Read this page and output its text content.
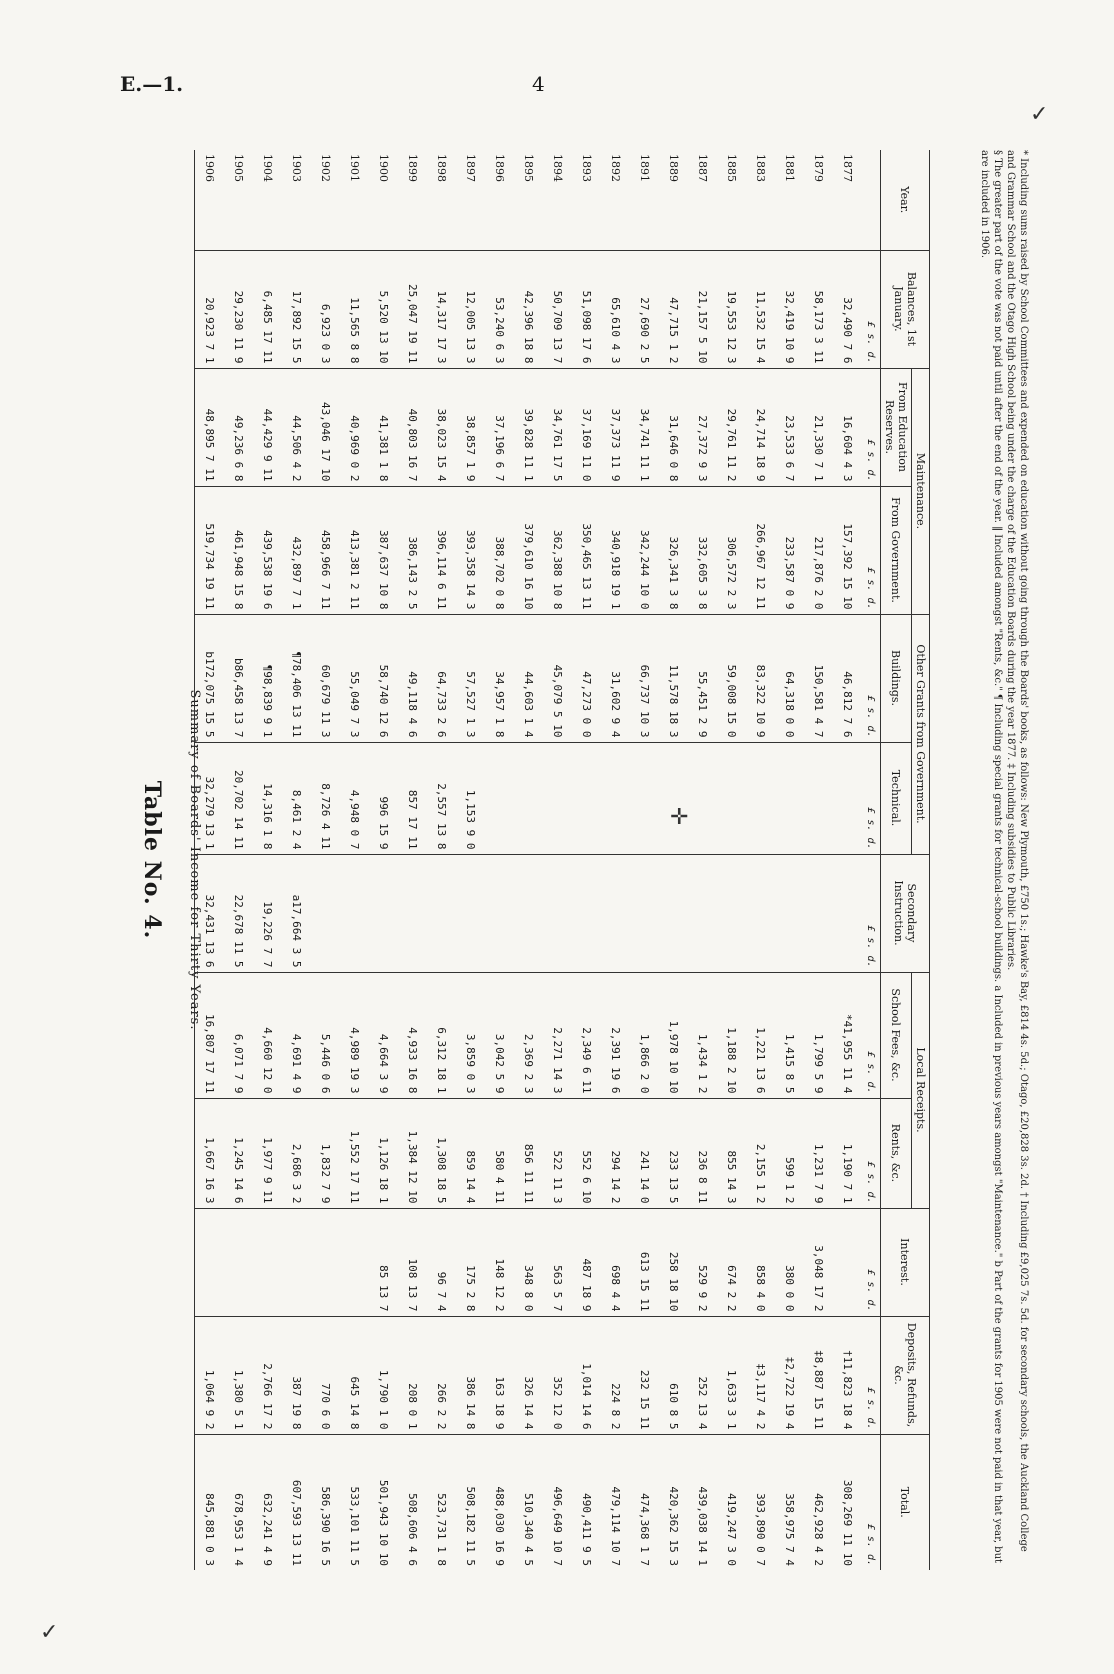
E.—1.	4
Table No. 4. Summary of Boards' Income for Thirty Years.
Year.	Balances, 1st January.	Maintenance.		Other Grants from Government.		Secondary Instruction.	Local Receipts.		Interest.	Deposits, Refunds, &c.	Total.
		From Education Reserves.	From Government.	Buildings.	Technical.		School Fees, &c.	Rents, &c.			
	£ s. d.	£ s. d.	£ s. d.	£ s. d.	£ s. d.	£ s. d.	£ s. d.	£ s. d.	£ s. d.	£ s. d.	£ s. d.
1877	32,490 7 6	16,604 4 3	157,392 15 10	46,812 7 6			*41,955 11 4	1,190 7 1		†11,823 18 4	308,269 11 10
1879	58,173 3 11	21,330 7 1	217,876 2 0	150,581 4 7			1,799 5 9	1,231 7 9	3,048 17 2	‡8,887 15 11	462,928 4 2
1881	32,419 10 9	23,533 6 7	233,587 0 9	64,318 0 0			1,415 8 5	599 1 2	380 0 0	‡2,722 19 4	358,975 7 4
1883	11,532 15 4	24,714 18 9	266,967 12 11	83,322 10 9			1,221 13 6	2,155 1 2	858 4 0	‡3,117 4 2	393,890 0 7
1885	19,553 12 3	29,761 11 2	306,572 2 3	59,008 15 0			1,188 2 10	855 14 3	674 2 2	1,633 3 1	419,247 3 0
1887	21,157 5 10	27,372 9 3	332,605 3 8	55,451 2 9			1,434 1 2	236 8 11	529 9 2	252 13 4	439,038 14 1
1889	47,715 1 2	31,646 0 8	326,341 3 8	11,578 18 3			1,978 10 10	233 13 5	258 18 10	610 8 5	420,362 15 3
1891	27,690 2 5	34,741 11 1	342,244 10 0	66,737 10 3			1,866 2 0	241 14 0	613 15 11	232 15 11	474,368 1 7
1892	65,610 4 3	37,373 11 9	340,918 19 1	31,602 9 4			2,391 19 6	294 14 2	698 4 4	224 8 2	479,114 10 7
1893	51,098 17 6	37,169 11 0	350,465 13 11	47,273 0 0			2,349 6 11	552 6 10	487 18 9	1,014 14 6	490,411 9 5
1894	50,709 13 7	34,761 17 5	362,388 10 8	45,079 5 10			2,271 14 3	522 11 3	563 5 7	352 12 0	496,649 10 7
1895	42,396 18 8	39,828 11 1	379,610 16 10	44,603 1 4			2,369 2 3	856 11 11	348 8 0	326 14 4	510,340 4 5
1896	53,240 6 3	37,196 6 7	388,702 0 8	34,957 1 8			3,042 5 9	580 4 11	148 12 2	163 18 9	488,030 16 9
1897	12,005 13 3	38,857 1 9	393,358 14 3	57,527 1 3	1,153 9 0		3,859 0 3	859 14 4	175 2 8	386 14 8	508,182 11 5
1898	14,317 17 3	38,023 15 4	396,114 6 11	64,733 2 6	2,557 13 8		6,312 18 1	1,308 18 5	96 7 4	266 2 2	523,731 1 8
1899	25,047 19 11	40,803 16 7	386,143 2 5	49,118 4 6	857 17 11		4,933 16 8	1,384 12 10	108 13 7	208 0 1	508,606 4 6
1900	5,520 13 10	41,381 1 8	387,637 10 8	58,740 12 6	996 15 9		4,664 3 9	1,126 18 1	85 13 7	1,790 1 0	501,943 10 10
1901	11,565 8 8	40,969 0 2	413,381 2 11	55,049 7 3	4,948 0 7		4,989 19 3	1,552 17 11		645 14 8	533,101 11 5
1902	6,923 0 3	43,046 17 10	458,966 7 11	60,679 11 3	8,726 4 11		5,446 0 6	1,832 7 9		770 6 0	586,390 16 5
1903	17,892 15 5	44,506 4 2	432,897 7 1	¶78,406 13 11	8,461 2 4	a17,664 3 5	4,691 4 9	2,686 3 2		387 19 8	607,593 13 11
1904	6,485 17 11	44,429 9 11	439,538 19 6	¶98,839 9 1	14,316 1 8	19,226 7 7	4,660 12 0	1,977 9 11		2,766 17 2	632,241 4 9
1905	29,230 11 9	49,236 6 8	461,948 15 8	b86,458 13 7	20,702 14 11	22,678 11 5	6,071 7 9	1,245 14 6		1,380 5 1	678,953 1 4
1906	20,923 7 1	48,895 7 11	519,734 19 11	b172,075 15 5	32,279 13 1	32,431 13 6	16,807 17 11	1,667 16 3		1,064 9 2	845,881 0 3	* Including sums raised by School Committees and expended on education without going through the Boards' books, as follows: New Plymouth, £750 1s.; Hawke's Bay, £814 4s. 5d.; Otago, £20,828 3s. 2d. † Including £9,025 7s. 5d. for secondary schools, the Auckland College and Grammar School and the Otago High School being under the charge of the Education Boards during the year 1877. ‡ Including subsidies to Public Libraries.

§ The greater part of the vote was not paid until after the end of the year. ‖ Included amongst "Rents, &c." ¶ Including special grants for technical-school buildings. a Included in previous years amongst "Maintenance." b Part of the grants for 1905 were not paid in that year, but are included in 1906.

✓
✛
✓
